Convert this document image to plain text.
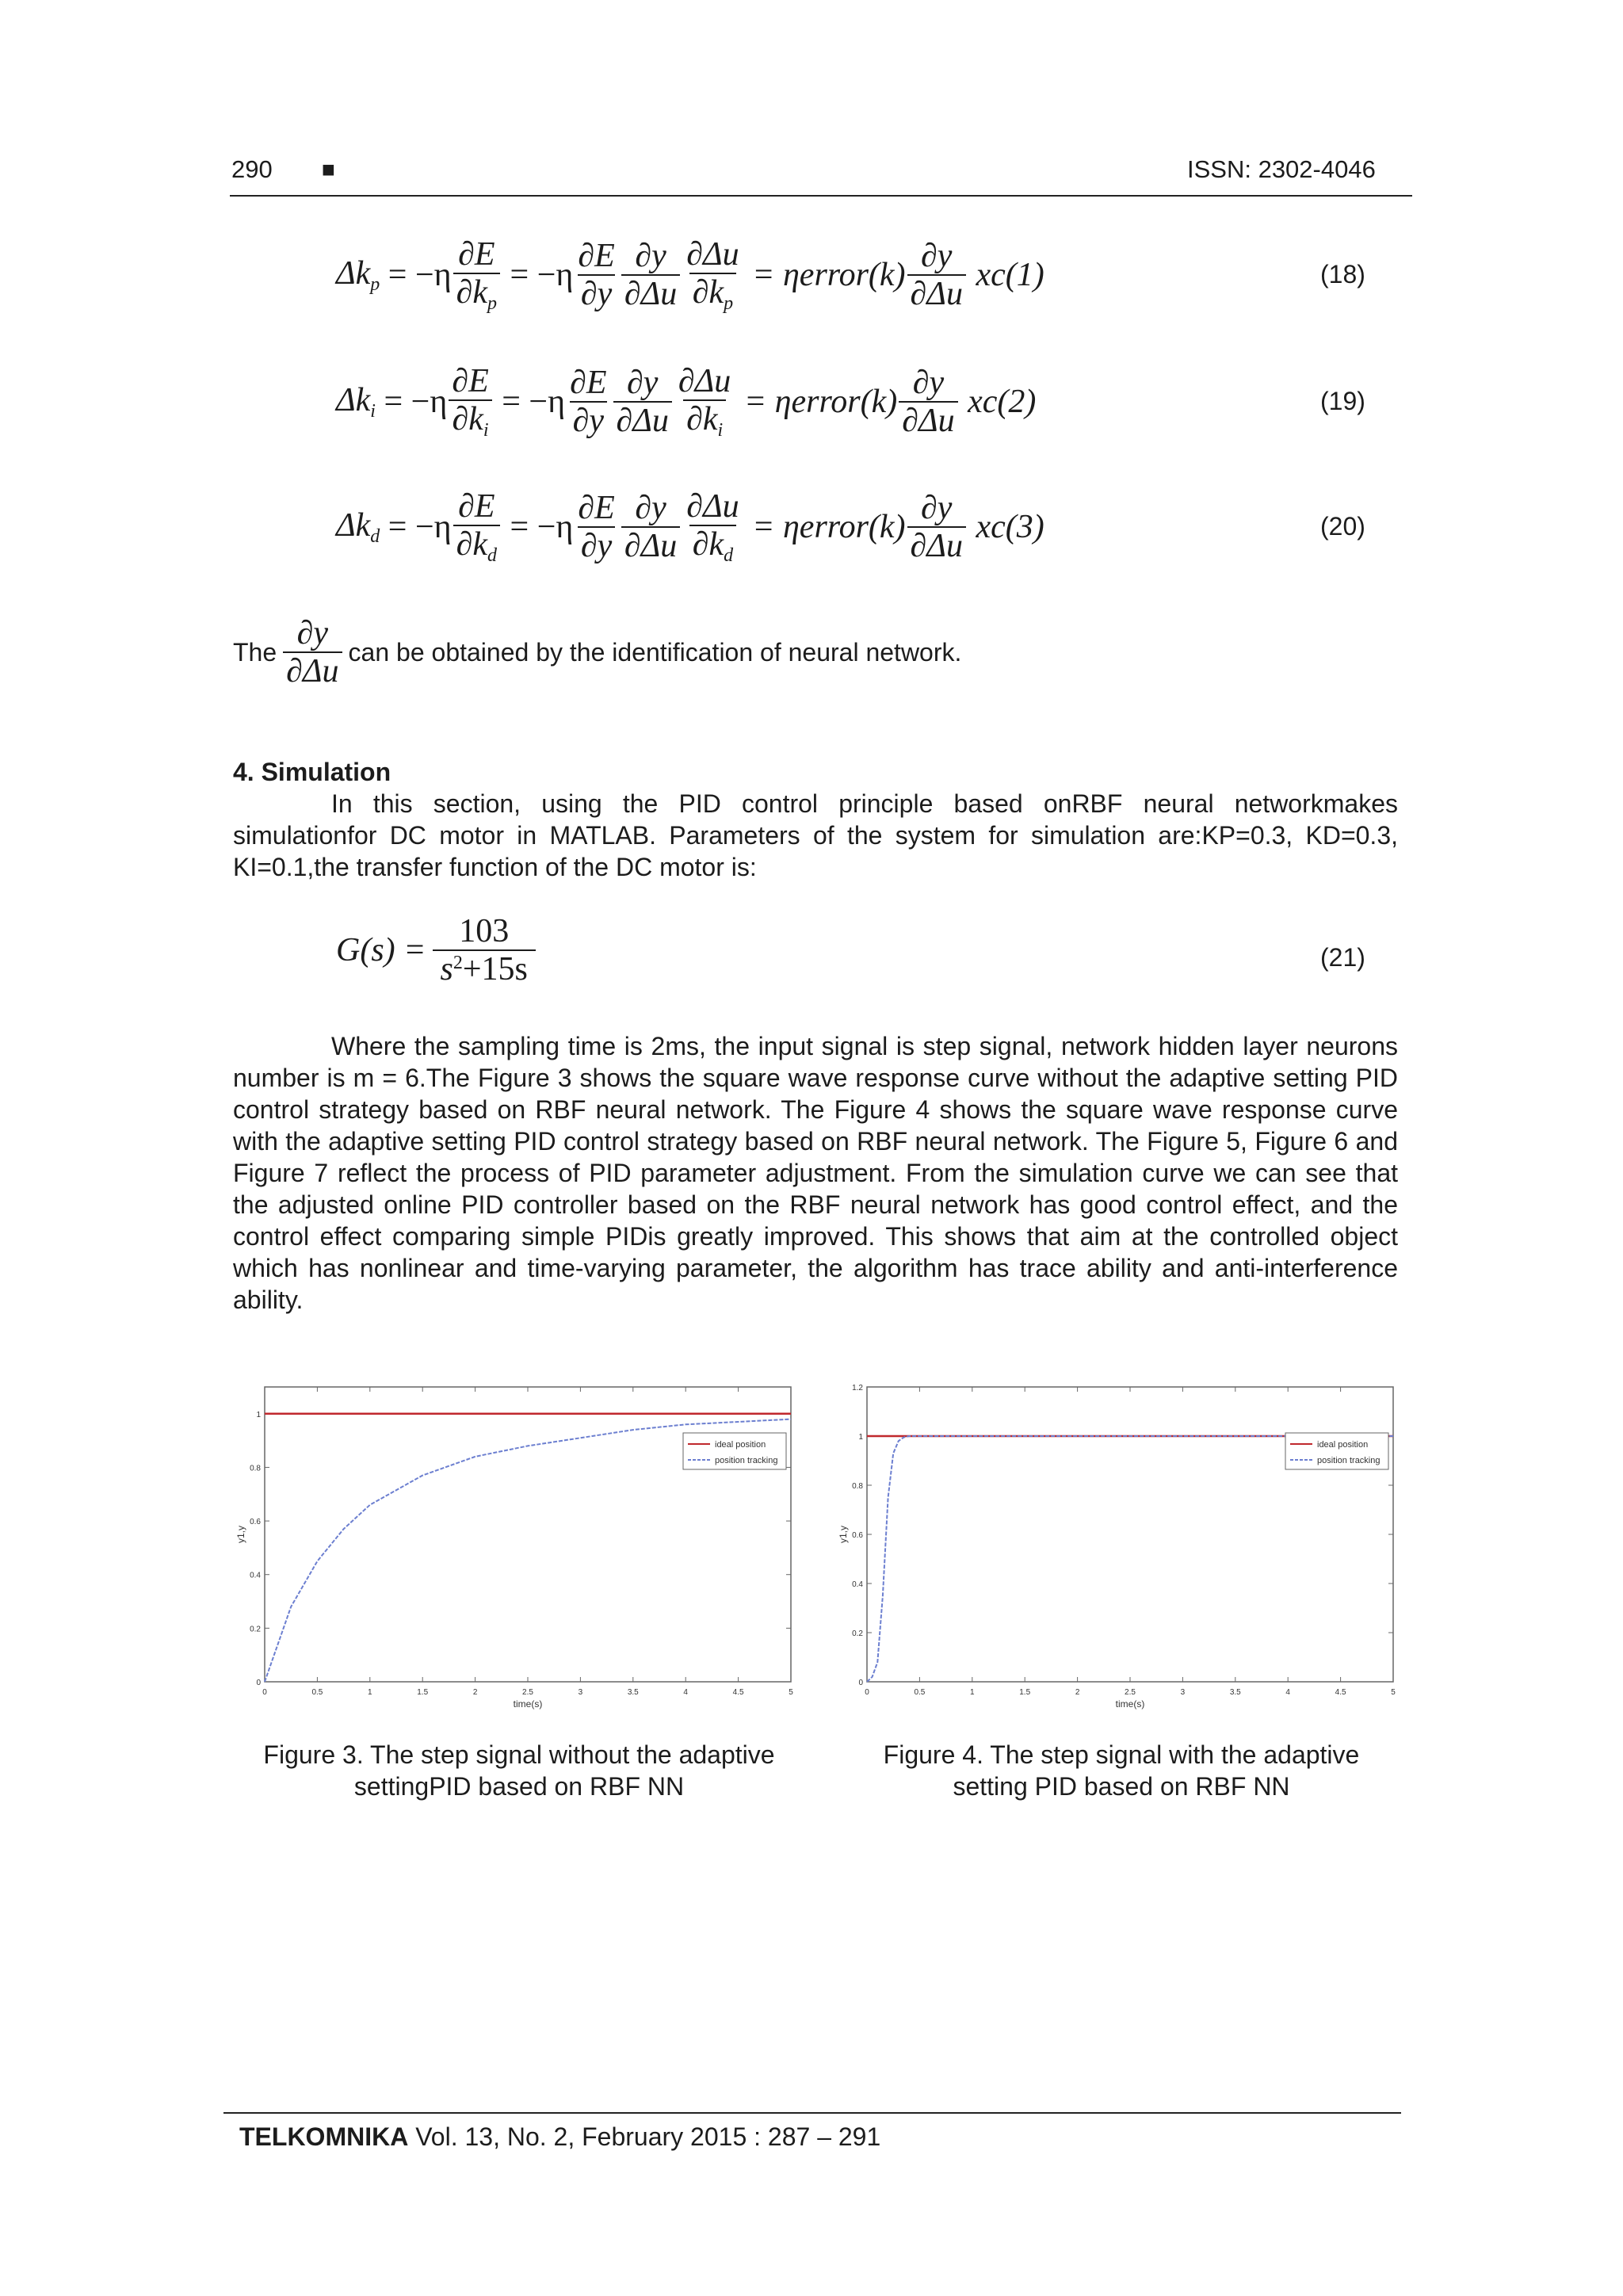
290 ■	ISSN: 2302-4046
$\Delta k_p = -\eta \frac{\partial E}{\partial k_p} = -\eta \frac{\partial E}{\partial y} \frac{\partial y}{\partial\Delta u} \frac{\partial\Delta u}{\partial k_p}$
= ηerror(k) $\frac{\partial y}{\partial\Delta u}$
xc(1)	(18)
$\Delta k_i = -\eta \frac{\partial E}{\partial k_i} = -\eta \frac{\partial E}{\partial y} \frac{\partial y}{\partial\Delta u} \frac{\partial\Delta u}{\partial k_i}$
= ηerror(k) $\frac{\partial y}{\partial\Delta u}$
xc(2)	(19)
$\Delta k_d = -\eta \frac{\partial E}{\partial k_d} = -\eta \frac{\partial E}{\partial y} \frac{\partial y}{\partial\Delta u} \frac{\partial\Delta u}{\partial k_d}$
= ηerror(k) $\frac{\partial y}{\partial\Delta u}$
xc(3)	(20)
The $\frac{\partial y}{\partial\Delta u}$ can be obtained by the identification of neural network.
4. Simulation
In this section, using the PID control principle based onRBF neural networkmakes simulationfor DC motor in MATLAB. Parameters of the system for simulation are:KP=0.3, KD=0.3, KI=0.1,the transfer function of the DC motor is:
$G(s) = \frac{103}{s^2+15s}$	(21)
Where the sampling time is 2ms, the input signal is step signal, network hidden layer neurons number is m = 6.The Figure 3 shows the square wave response curve without the adaptive setting PID control strategy based on RBF neural network. The Figure 4 shows the square wave response curve with the adaptive setting PID control strategy based on RBF neural network. The Figure 5, Figure 6 and Figure 7 reflect the process of PID parameter adjustment. From the simulation curve we can see that the adjusted online PID controller based on the RBF neural network has good control effect, and the control effect comparing simple PIDis greatly improved. This shows that aim at the controlled object which has nonlinear and time-varying parameter, the algorithm has trace ability and anti-interference ability.
0	0.5	1	1.5	2	2.5	3	3.5	4	4.5	5
0
0.2
0.4
0.6
0.8
1
time(s)
y1,y
ideal position
position tracking
0	0.5	1	1.5	2	2.5	3	3.5	4	4.5	5
0
0.2
0.4
0.6
0.8
1
1.2
time(s)
y1,y
ideal position
position tracking
Figure 3. The step signal without the adaptive
settingPID based on RBF NN
Figure 4. The step signal with the adaptive
setting PID based on RBF NN
TELKOMNIKA Vol. 13, No. 2, February 2015 : 287 – 291
